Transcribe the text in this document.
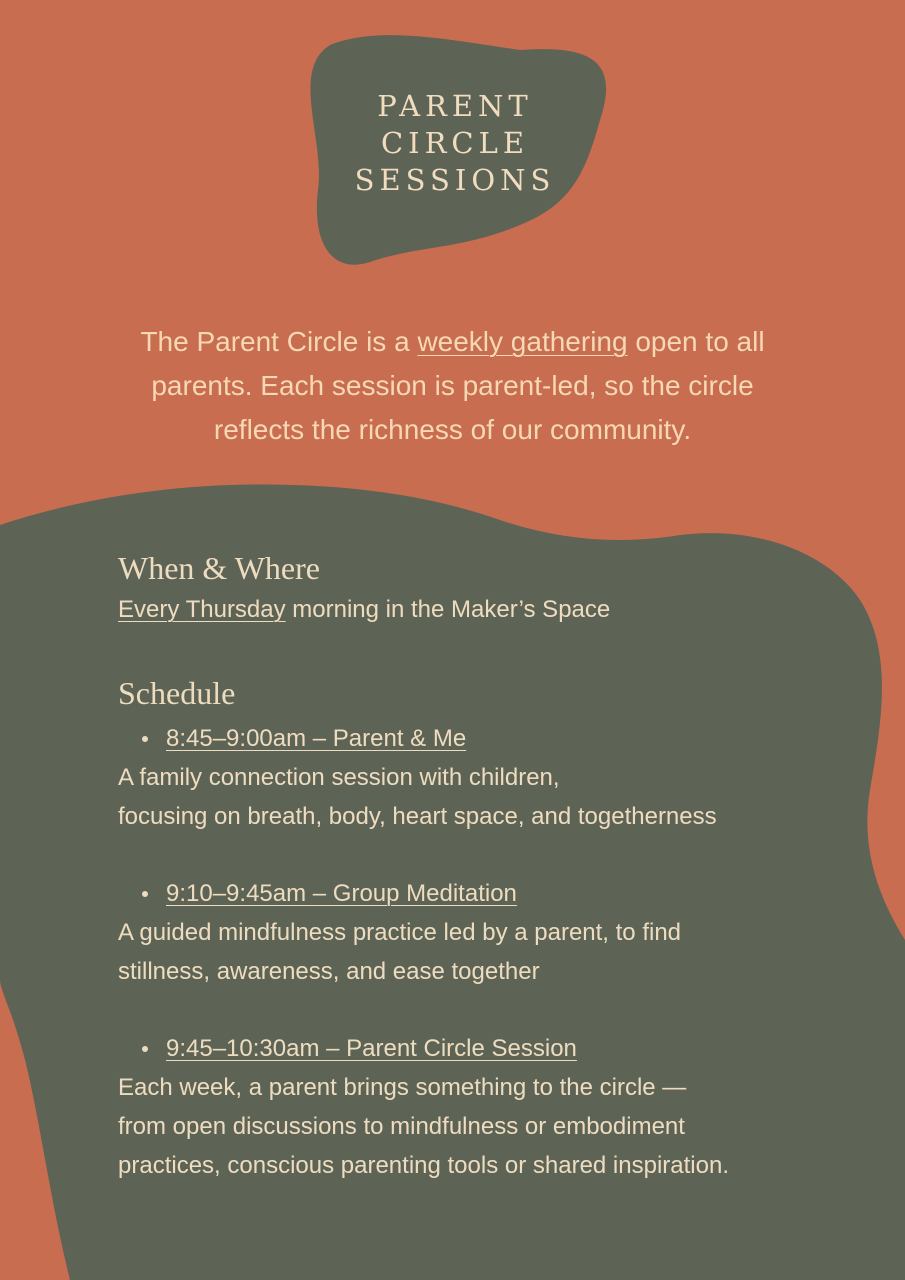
PARENT
CIRCLE
SESSIONS
The Parent Circle is a weekly gathering open to all
parents. Each session is parent-led, so the circle
reflects the richness of our community.
When & Where
Every Thursday morning in the Maker’s Space
Schedule
8:45–9:00am – Parent & Me
A family connection session with children,
focusing on breath, body, heart space, and togetherness
9:10–9:45am – Group Meditation
A guided mindfulness practice led by a parent, to find
stillness, awareness, and ease together
9:45–10:30am – Parent Circle Session
Each week, a parent brings something to the circle —
from open discussions to mindfulness or embodiment
practices, conscious parenting tools or shared inspiration.
